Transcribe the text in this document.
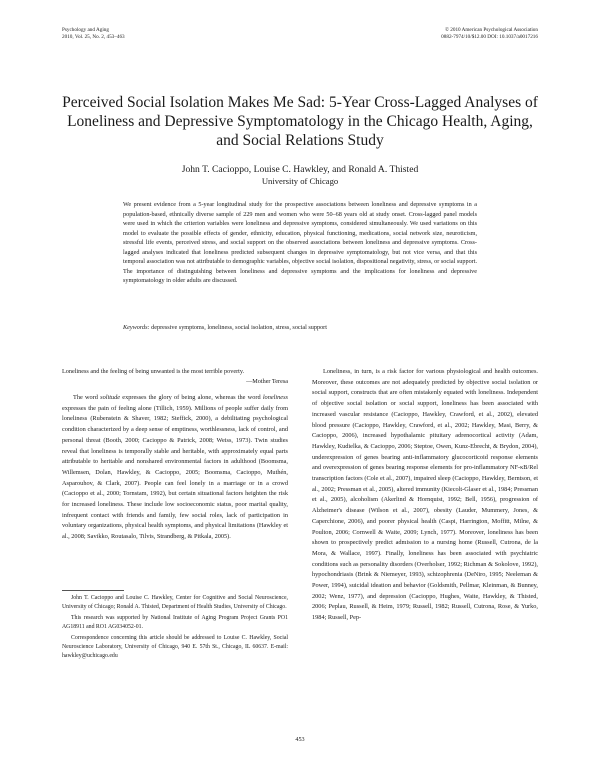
Psychology and Aging
2010, Vol. 25, No. 2, 453–463
© 2010 American Psychological Association
0882-7974/10/$12.00 DOI: 10.1037/a0017216
Perceived Social Isolation Makes Me Sad: 5-Year Cross-Lagged Analyses of Loneliness and Depressive Symptomatology in the Chicago Health, Aging, and Social Relations Study
John T. Cacioppo, Louise C. Hawkley, and Ronald A. Thisted
University of Chicago

We present evidence from a 5-year longitudinal study for the prospective associations between loneliness and depressive symptoms in a population-based, ethnically diverse sample of 229 men and women who were 50–68 years old at study onset. Cross-lagged panel models were used in which the criterion variables were loneliness and depressive symptoms, considered simultaneously. We used variations on this model to evaluate the possible effects of gender, ethnicity, education, physical functioning, medications, social network size, neuroticism, stressful life events, perceived stress, and social support on the observed associations between loneliness and depressive symptoms. Cross-lagged analyses indicated that loneliness predicted subsequent changes in depressive symptomatology, but not vice versa, and that this temporal association was not attributable to demographic variables, objective social isolation, dispositional negativity, stress, or social support. The importance of distinguishing between loneliness and depressive symptoms and the implications for loneliness and depressive symptomatology in older adults are discussed.

Keywords: depressive symptoms, loneliness, social isolation, stress, social support

Loneliness and the feeling of being unwanted is the most terrible poverty.

—Mother Teresa

The word solitude expresses the glory of being alone, whereas the word loneliness expresses the pain of feeling alone (Tillich, 1959). Millions of people suffer daily from loneliness (Rubenstein & Shaver, 1982; Steffick, 2000), a debilitating psychological condition characterized by a deep sense of emptiness, worthlessness, lack of control, and personal threat (Booth, 2000; Cacioppo & Patrick, 2008; Weiss, 1973). Twin studies reveal that loneliness is temporally stable and heritable, with approximately equal parts attributable to heritable and nonshared environmental factors in adulthood (Boomsma, Willemsen, Dolan, Hawkley, & Cacioppo, 2005; Boomsma, Cacioppo, Muthén, Asparouhov, & Clark, 2007). People can feel lonely in a marriage or in a crowd (Cacioppo et al., 2000; Tornstam, 1992), but certain situational factors heighten the risk for increased loneliness. These include low socioeconomic status, poor marital quality, infrequent contact with friends and family, few social roles, lack of participation in voluntary organizations, physical health symptoms, and physical limitations (Hawkley et al., 2008; Savikko, Routasalo, Tilvis, Strandberg, & Pitkala, 2005).

Loneliness, in turn, is a risk factor for various physiological and health outcomes. Moreover, these outcomes are not adequately predicted by objective social isolation or social support, constructs that are often mistakenly equated with loneliness. Independent of objective social isolation or social support, loneliness has been associated with increased vascular resistance (Cacioppo, Hawkley, Crawford, et al., 2002), elevated blood pressure (Cacioppo, Hawkley, Crawford, et al., 2002; Hawkley, Masi, Berry, & Cacioppo, 2006), increased hypothalamic pituitary adrenocortical activity (Adam, Hawkley, Kudielka, & Cacioppo, 2006; Steptoe, Owen, Kunz-Ebrecht, & Brydon, 2004), underexpression of genes bearing anti-inflammatory glucocorticoid response elements and overexpression of genes bearing response elements for pro-inflammatory NF-κB/Rel transcription factors (Cole et al., 2007), impaired sleep (Cacioppo, Hawkley, Berntson, et al., 2002; Pressman et al., 2005), altered immunity (Kiecolt-Glaser et al., 1984; Pressman et al., 2005), alcoholism (Akerlind & Hornquist, 1992; Bell, 1956), progression of Alzheimer's disease (Wilson et al., 2007), obesity (Lauder, Mummery, Jones, & Caperchione, 2006), and poorer physical health (Caspi, Harrington, Moffitt, Milne, & Poulton, 2006; Cornwell & Waite, 2009; Lynch, 1977). Moreover, loneliness has been shown to prospectively predict admission to a nursing home (Russell, Cutrona, de la Mora, & Wallace, 1997). Finally, loneliness has been associated with psychiatric conditions such as personality disorders (Overholser, 1992; Richman & Sokolove, 1992), hypochondriasis (Brink & Niemeyer, 1993), schizophrenia (DeNiro, 1995; Neeleman & Power, 1994), suicidal ideation and behavior (Goldsmith, Pellmar, Kleinman, & Bunney, 2002; Wenz, 1977), and depression (Cacioppo, Hughes, Waite, Hawkley, & Thisted, 2006; Peplau, Russell, & Heim, 1979; Russell, 1982; Russell, Cutrona, Rose, & Yurko, 1984; Russell, Pep-

John T. Cacioppo and Louise C. Hawkley, Center for Cognitive and Social Neuroscience, University of Chicago; Ronald A. Thisted, Department of Health Studies, University of Chicago.

This research was supported by National Institute of Aging Program Project Grants PO1 AG18911 and RO1 AG034052-01.

Correspondence concerning this article should be addressed to Louise C. Hawkley, Social Neuroscience Laboratory, University of Chicago, 940 E. 57th St., Chicago, IL 60637. E-mail: hawkley@uchicago.edu

453
